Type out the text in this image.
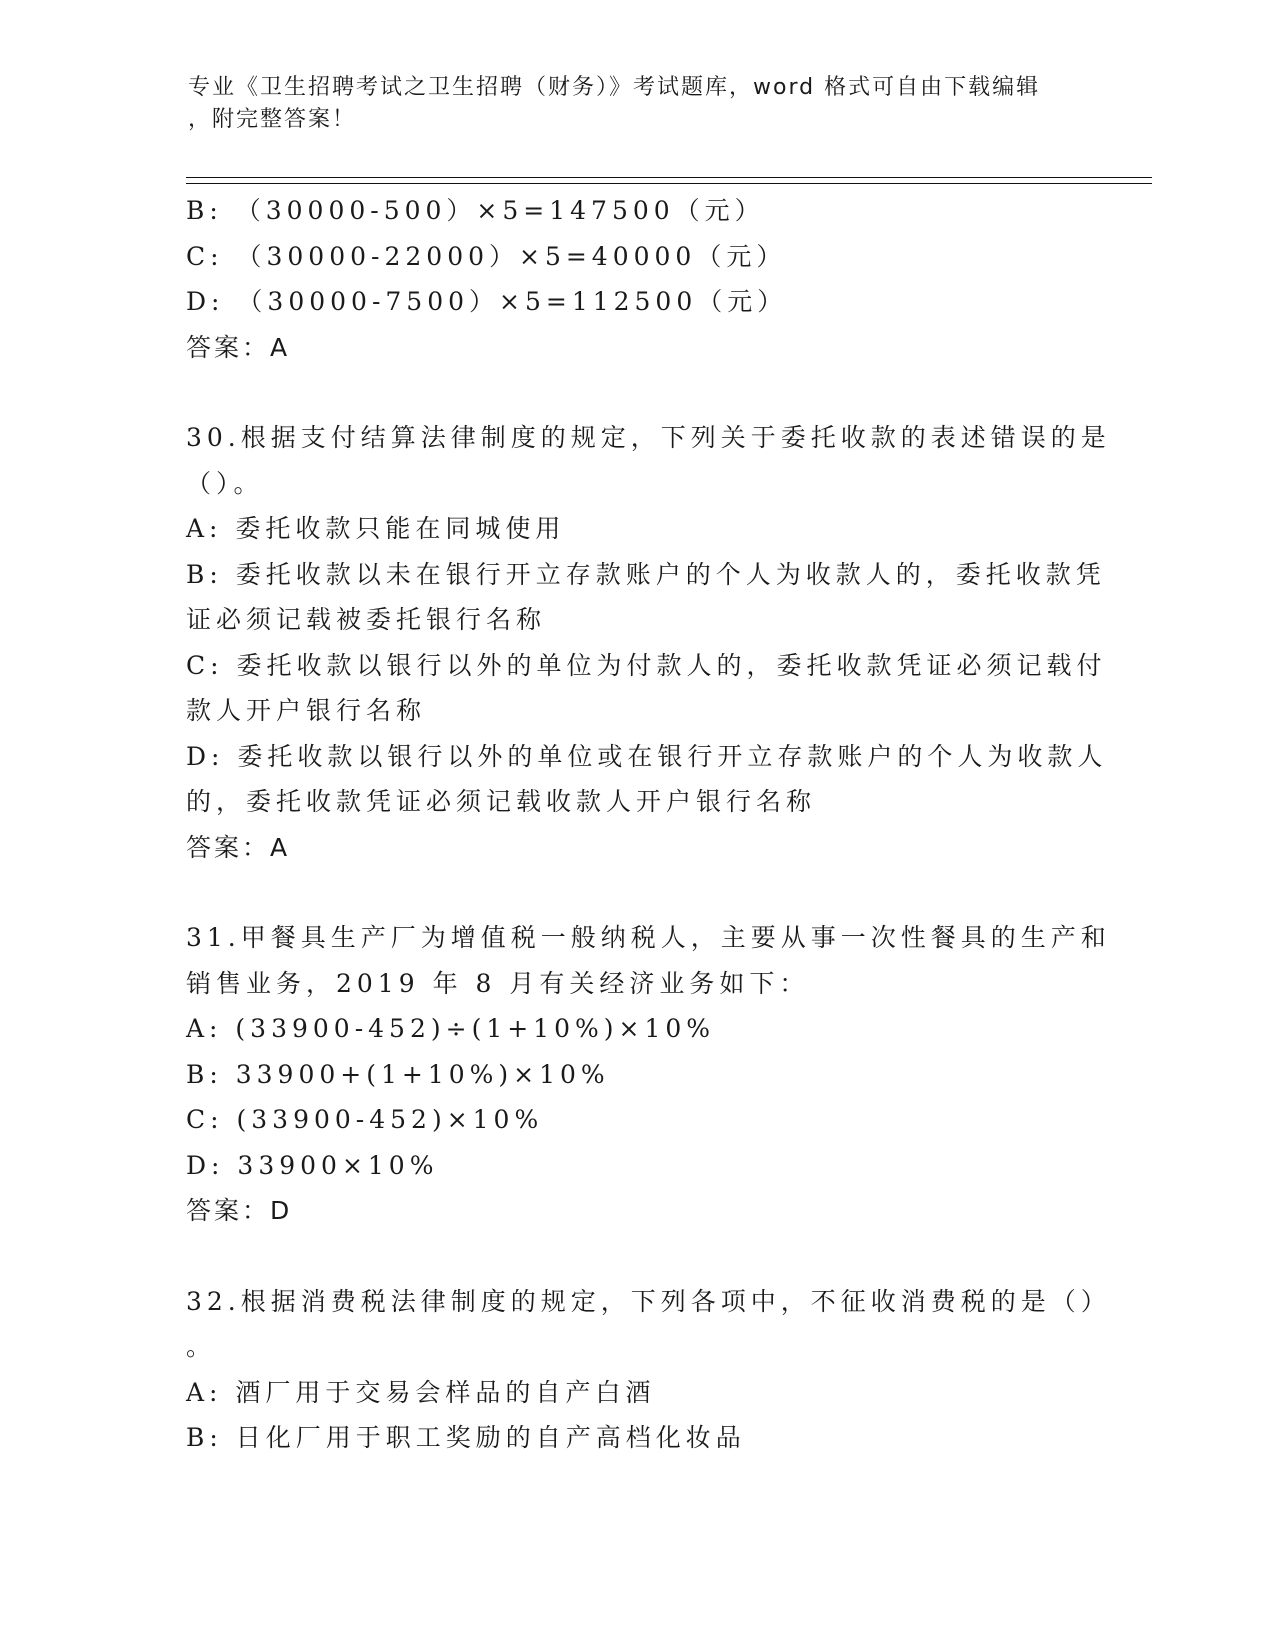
专业《卫生招聘考试之卫生招聘（财务）》考试题库，word 格式可自由下载编辑
，附完整答案！
B: （30000-500）×5=147500（元）
C: （30000-22000）×5=40000（元）
D: （30000-7500）×5=112500（元）
答案：A
30.根据支付结算法律制度的规定，下列关于委托收款的表述错误的是
（）。
A: 委托收款只能在同城使用
B: 委托收款以未在银行开立存款账户的个人为收款人的，委托收款凭
证必须记载被委托银行名称
C: 委托收款以银行以外的单位为付款人的，委托收款凭证必须记载付
款人开户银行名称
D: 委托收款以银行以外的单位或在银行开立存款账户的个人为收款人
的，委托收款凭证必须记载收款人开户银行名称
答案：A
31.甲餐具生产厂为增值税一般纳税人，主要从事一次性餐具的生产和
销售业务，2019 年 8 月有关经济业务如下：
A: (33900-452)÷(1+10%)×10%
B: 33900+(1+10%)×10%
C: (33900-452)×10%
D: 33900×10%
答案：D
32.根据消费税法律制度的规定，下列各项中，不征收消费税的是（）
。
A: 酒厂用于交易会样品的自产白酒
B: 日化厂用于职工奖励的自产高档化妆品
